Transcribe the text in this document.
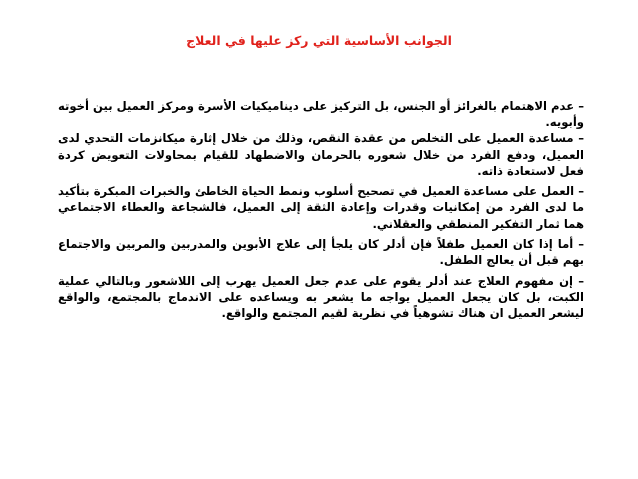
الجوانب الأساسية التي ركز عليها في العلاج

– عدم الاهتمام بالغرائز أو الجنس، بل التركيز على ديناميكيات الأسرة ومركز العميل بين أخوته وأبويه.

– مساعدة العميل على التخلص من عقدة النقص، وذلك من خلال إثارة ميكانزمات التحدي لدى العميل، ودفع الفرد من خلال شعوره بالحرمان والاضطهاد للقيام بمحاولات التعويض كردة فعل لاستعادة ذاته.

– العمل على مساعدة العميل في تصحيح أسلوب ونمط الحياة الخاطئ والخبرات المبكرة بتأكيد ما لدى الفرد من إمكانيات وقدرات وإعادة الثقة إلى العميل، فالشجاعة والعطاء الاجتماعي هما ثمار التفكير المنطقي والعقلاني.

– أما إذا كان العميل طفلاً فإن أدلر كان يلجأ إلى علاج الأبوين والمدربين والمربين والاجتماع بهم قبل أن يعالج الطفل.

– إن مفهوم العلاج عند أدلر يقوم على عدم جعل العميل يهرب إلى اللاشعور وبالتالي عملية الكبت، بل كان يجعل العميل يواجه ما يشعر به ويساعده على الاندماج بالمجتمع، والواقع ليشعر العميل ان هناك تشوهياً في نظرية لقيم المجتمع والواقع.
